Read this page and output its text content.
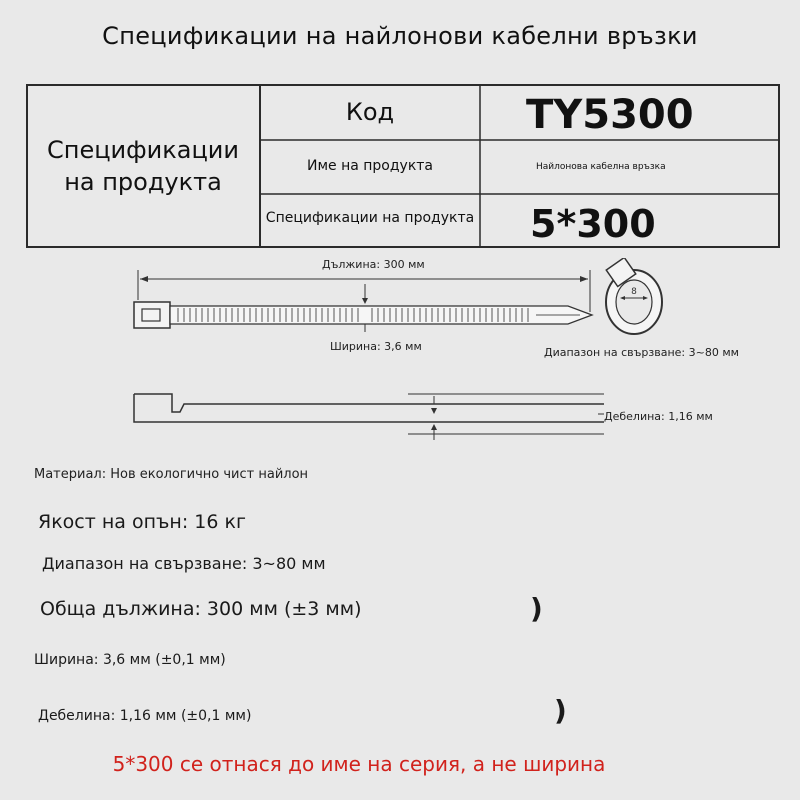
Спецификации на найлонови кабелни връзки
Спецификации
на продукта
Код	TY5300
Име на продукта	Найлонова кабелна връзка
Спецификации на продукта 5*300
Дължина: 300 мм
Ширина: 3,6 мм
8
Диапазон на свързване: 3~80 мм
Дебелина: 1,16 мм
Материал: Нов екологично чист найлон
Якост на опън: 16 кг
Диапазон на свързване: 3~80 мм
Обща дължина: 300 мм (±3 мм)	)
Ширина: 3,6 мм (±0,1 мм)
Дебелина: 1,16 мм (±0,1 мм)	)
5*300 се отнася до име на серия, а не ширина
